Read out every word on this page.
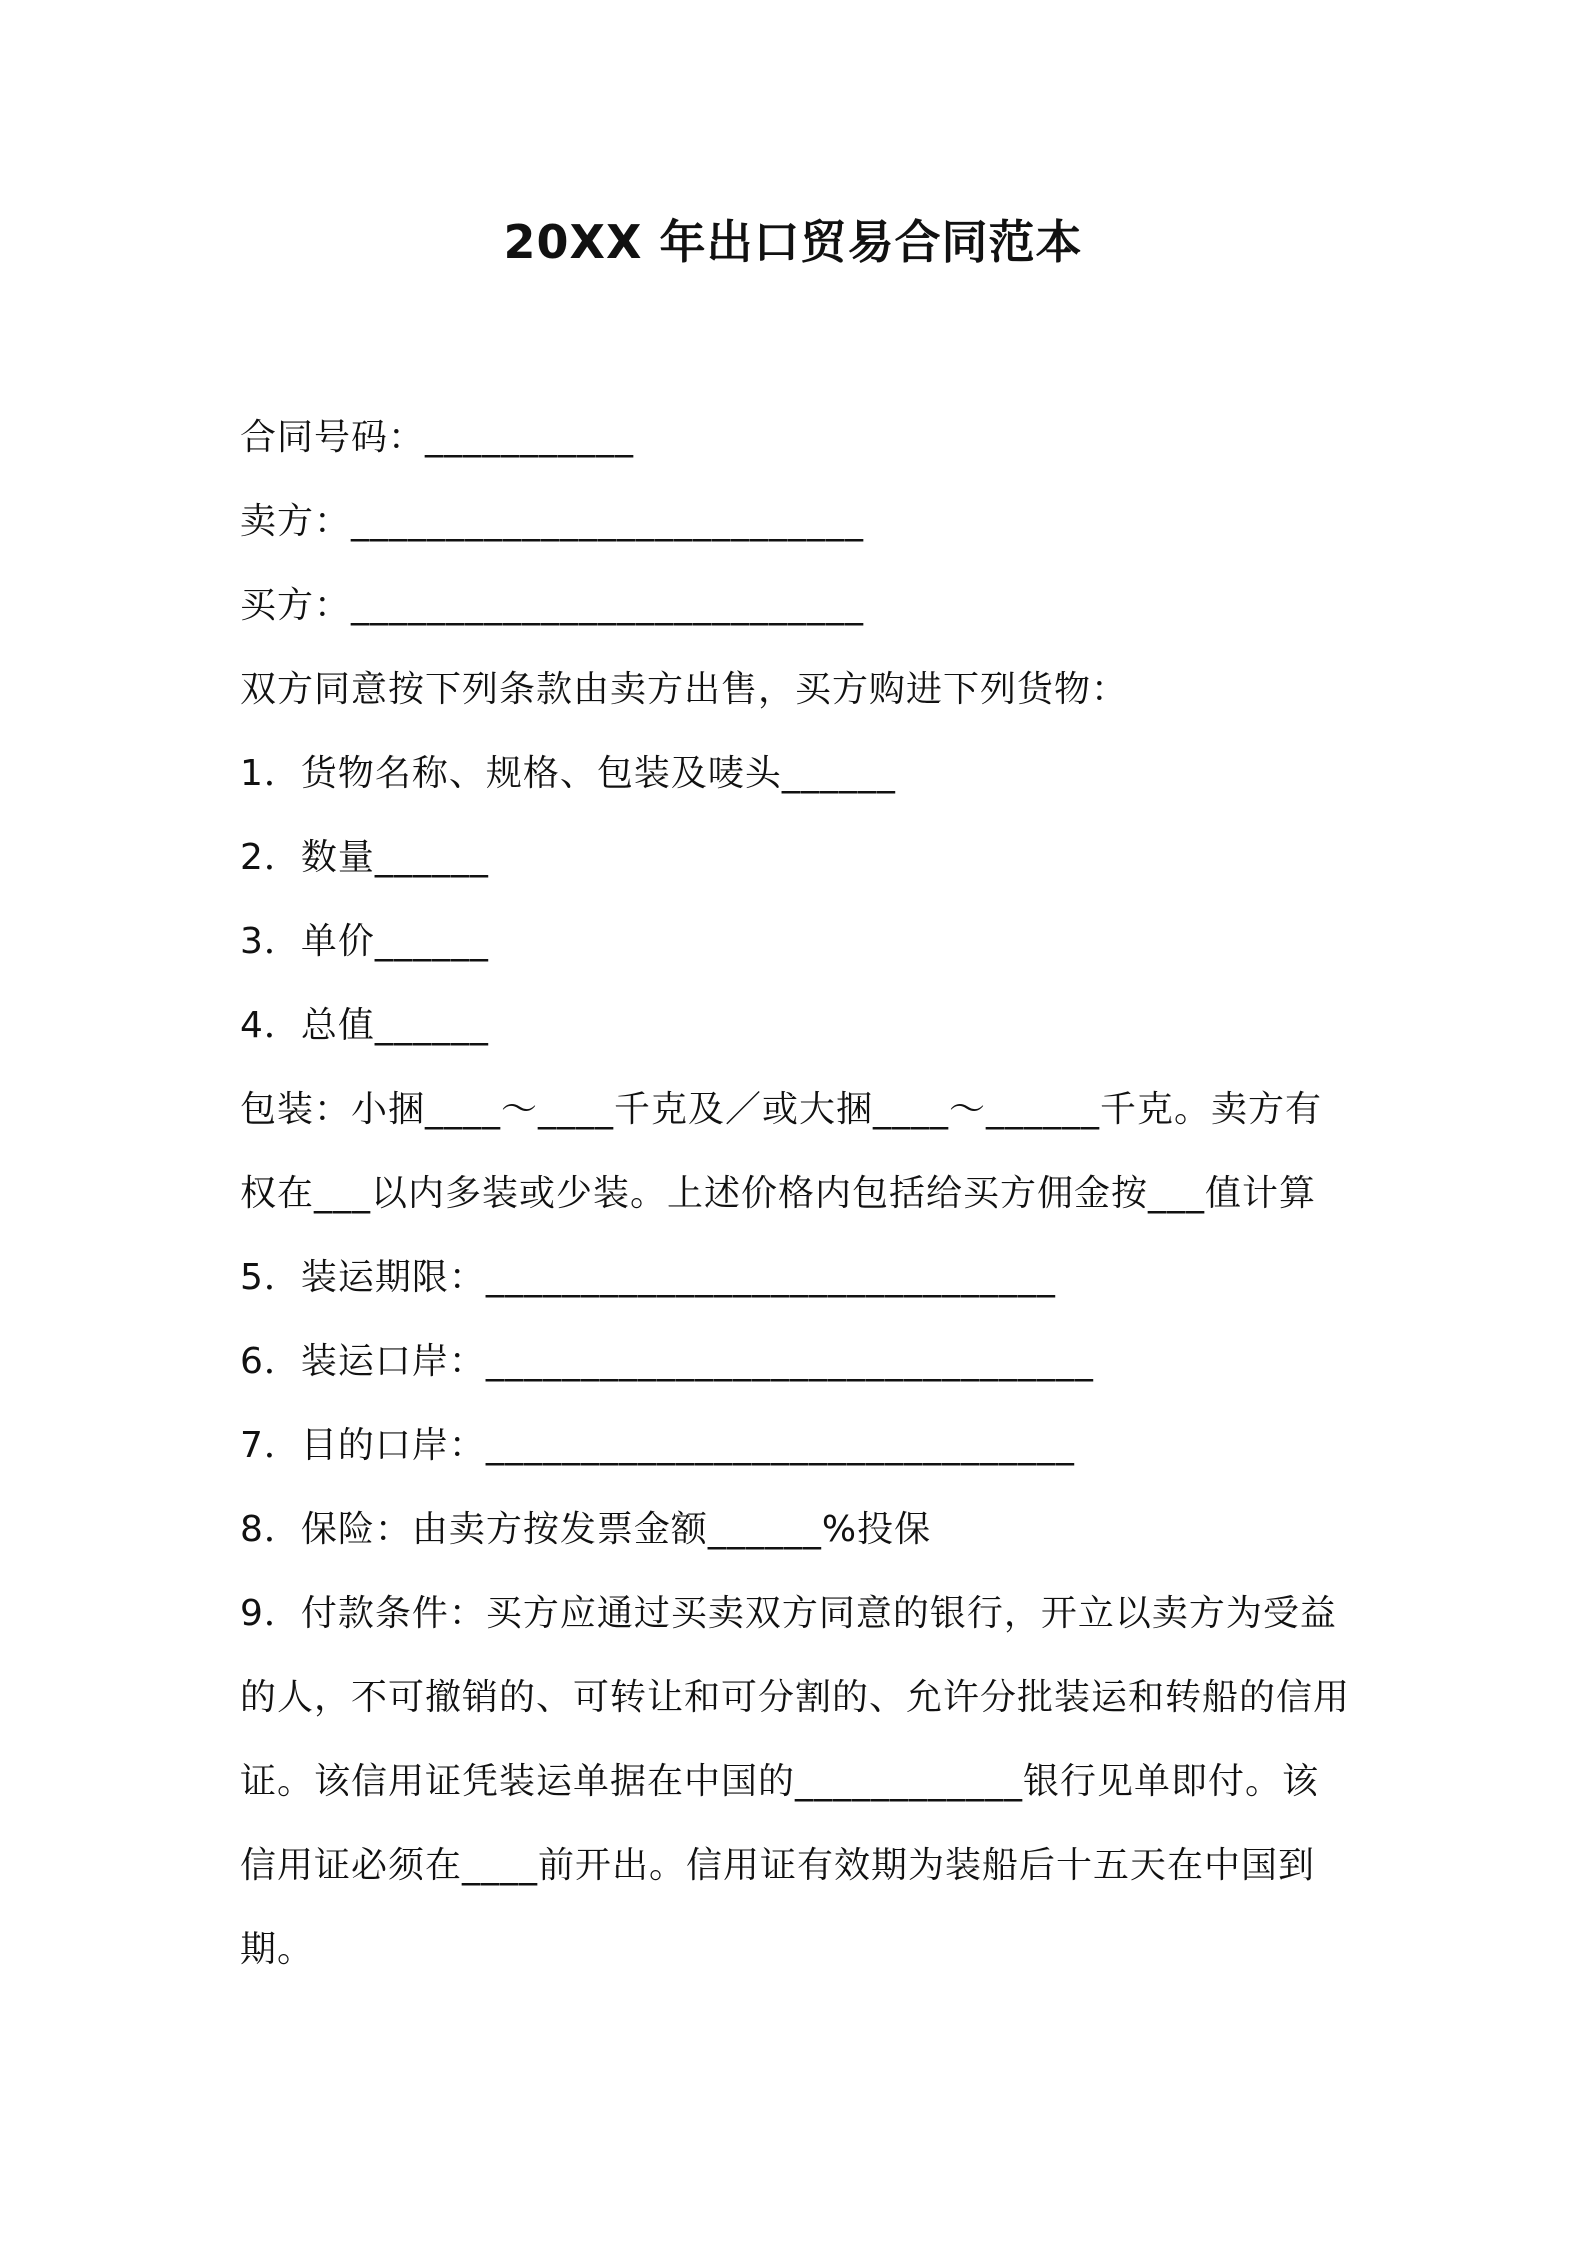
20XX 年出口贸易合同范本
合同号码：___________
卖方：___________________________
买方：___________________________
双方同意按下列条款由卖方出售，买方购进下列货物：
1．货物名称、规格、包装及唛头______
2．数量______
3．单价______
4．总值______
包装：小捆____～____千克及／或大捆____～______千克。卖方有
权在___以内多装或少装。上述价格内包括给买方佣金按___值计算
5．装运期限：______________________________
6．装运口岸：________________________________
7．目的口岸：_______________________________
8．保险：由卖方按发票金额______%投保
9．付款条件：买方应通过买卖双方同意的银行，开立以卖方为受益
的人，不可撤销的、可转让和可分割的、允许分批装运和转船的信用
证。该信用证凭装运单据在中国的____________银行见单即付。该
信用证必须在____前开出。信用证有效期为装船后十五天在中国到
期。
